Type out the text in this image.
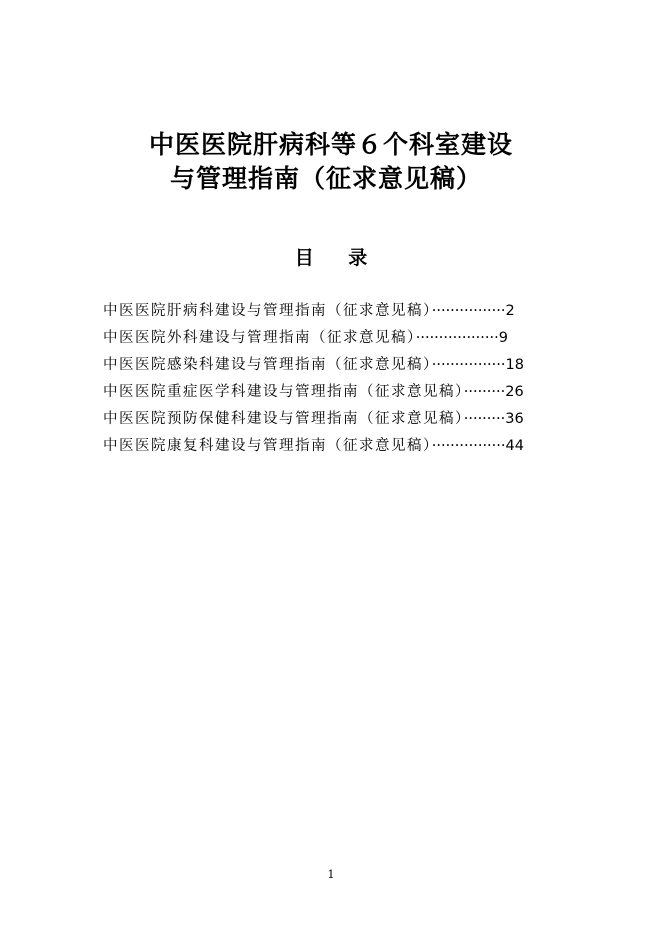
中医医院肝病科等６个科室建设
与管理指南（征求意见稿）
目 录
中医医院肝病科建设与管理指南（征求意见稿）················2
中医医院外科建设与管理指南（征求意见稿）··················9
中医医院感染科建设与管理指南（征求意见稿）················18
中医医院重症医学科建设与管理指南（征求意见稿）·········26
中医医院预防保健科建设与管理指南（征求意见稿）·········36
中医医院康复科建设与管理指南（征求意见稿）················44
1
